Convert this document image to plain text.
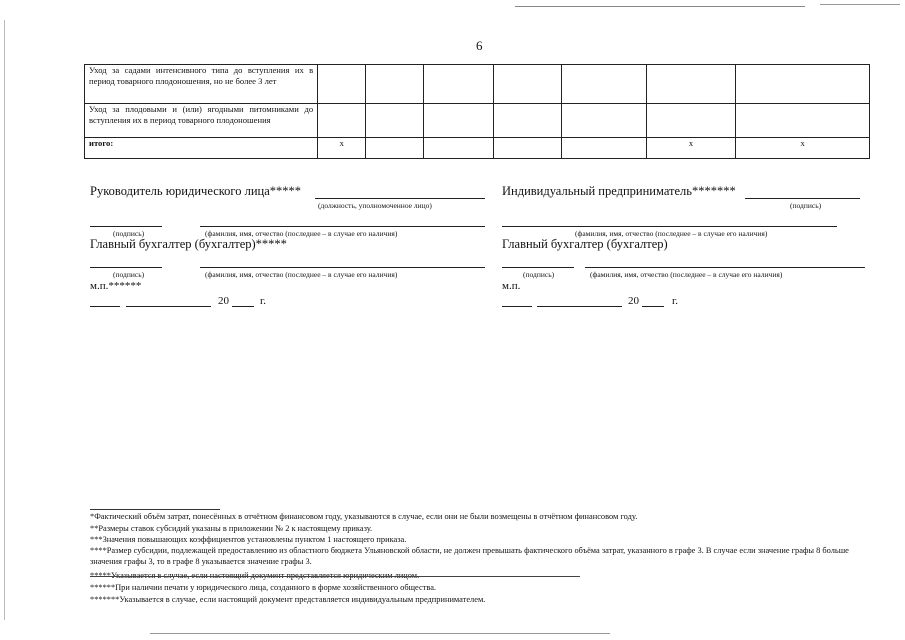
6
Уход за садами интенсивного типа до вступления их в период товарного плодоношения, но не более 3 лет							
Уход за плодовыми и (или) ягодными питомниками до вступления их в период товарного плодоношения							
итого:	x					x	x
Руководитель юридического лица*****
(должность, уполномоченное лицо)
(подпись)	(фамилия, имя, отчество (последнее – в случае его наличия)
Главный бухгалтер (бухгалтер)*****
(подпись)	(фамилия, имя, отчество (последнее – в случае его наличия)
м.п.******
20	г.
Индивидуальный предприниматель*******
(подпись)
(фамилия, имя, отчество (последнее – в случае его наличия)
Главный бухгалтер (бухгалтер)
(подпись)	(фамилия, имя, отчество (последнее – в случае его наличия)
м.п.
20	г.
*Фактический объём затрат, понесённых в отчётном финансовом году, указываются в случае, если они не были возмещены в отчётном финансовом году.
**Размеры ставок субсидий указаны в приложении № 2 к настоящему приказу.
***Значения повышающих коэффициентов установлены пунктом 1 настоящего приказа.
****Размер субсидии, подлежащей предоставлению из областного бюджета Ульяновской области, не должен превышать фактического объёма затрат, указанного в графе 3. В случае если значение графы 8 больше значения графы 3, то в графе 8 указывается значение графы 3.
******При наличии печати у юридического лица, созданного в форме хозяйственного общества.
*******Указывается в случае, если настоящий документ представляется индивидуальным предпринимателем.
